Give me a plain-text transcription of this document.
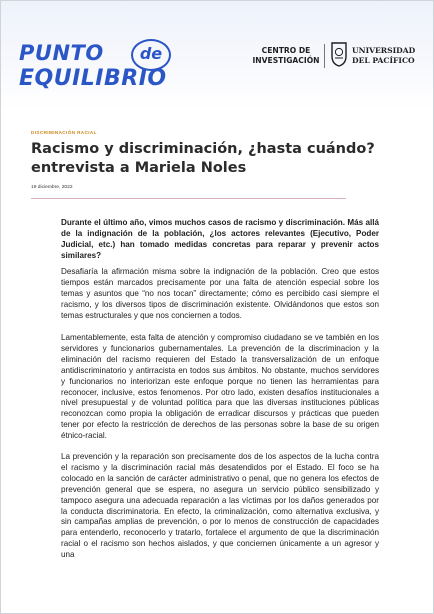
PUNTO	de
EQUILIBRIO
CENTRO DE
INVESTIGACIÓN
UNIVERSIDAD
DEL PACÍFICO
DISCRIMINACIÓN RACIAL
Racismo y discriminación, ¿hasta cuándo? entrevista a Mariela Noles
19 diciembre, 2022
Durante el último año, vimos muchos casos de racismo y discriminación. Más allá de la indignación de la población, ¿los actores relevantes (Ejecutivo, Poder Judicial, etc.) han tomado medidas concretas para reparar y prevenir actos similares?

Desafiaría la afirmación misma sobre la indignación de la población. Creo que estos tiempos están marcados precisamente por una falta de atención especial sobre los temas y asuntos que “no nos tocan” directamente; cómo es percibido casi siempre el racismo, y los diversos tipos de discriminación existente. Olvidándonos que estos son temas estructurales y que nos conciernen a todos.

Lamentablemente, esta falta de atención y compromiso ciudadano se ve también en los servidores y funcionarios gubernamentales. La prevención de la discriminacion y la eliminación del racismo requieren del Estado la transversalización de un enfoque antidiscriminatorio y antirracista en todos sus ámbitos. No obstante, muchos servidores y funcionarios no interiorizan este enfoque porque no tienen las herramientas para reconocer, inclusive, estos fenomenos. Por otro lado, existen desafíos institucionales a nivel presupuestal y de voluntad política para que las diversas instituciones públicas reconozcan como propia la obligación de erradicar discursos y prácticas que pueden tener por efecto la restricción de derechos de las personas sobre la base de su origen étnico-racial.

La prevención y la reparación son precisamente dos de los aspectos de la lucha contra el racismo y la discriminación racial más desatendidos por el Estado. El foco se ha colocado en la sanción de carácter administrativo o penal, que no genera los efectos de prevención general que se espera, no asegura un servicio público sensibilizado y tampoco asegura una adecuada reparación a las víctimas por los daños generados por la conducta discriminatoria. En efecto, la criminalización, como alternativa exclusiva, y sin campañas amplias de prevención, o por lo menos de construcción de capacidades para entenderlo, reconocerlo y tratarlo, fortalece el argumento de que la discriminación racial o el racismo son hechos aislados, y que conciernen únicamente a un agresor y una
